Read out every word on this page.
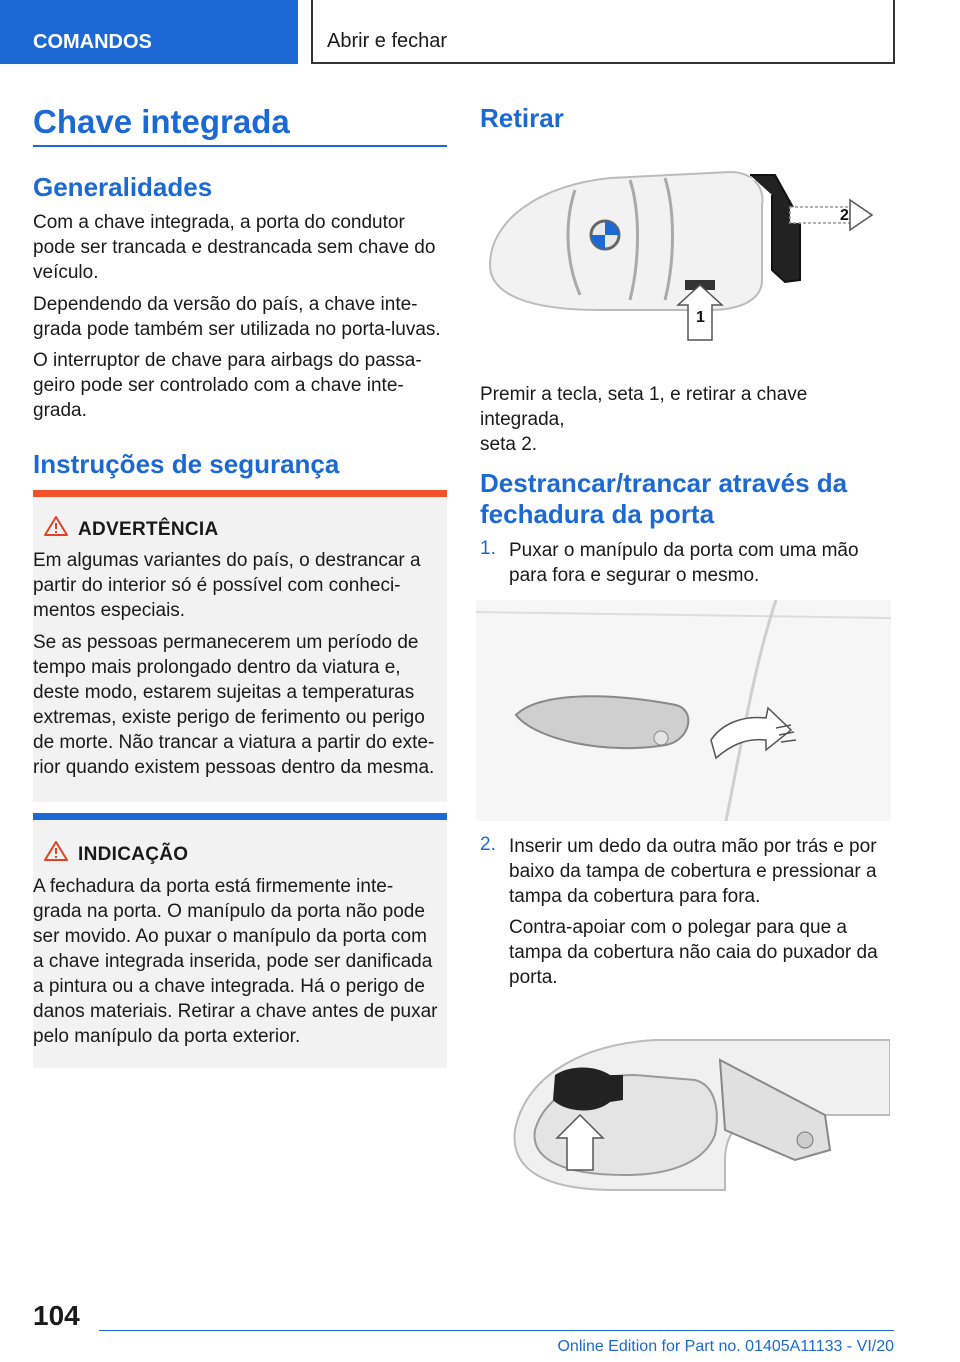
COMANDOS	Abrir e fechar
Chave integrada
Generalidades

Com a chave integrada, a porta do condutor
pode ser trancada e destrancada sem chave do
veículo.

Dependendo da versão do país, a chave inte-
grada pode também ser utilizada no porta-luvas.

O interruptor de chave para airbags do passa-
geiro pode ser controlado com a chave inte-
grada.

Instruções de segurança
ADVERTÊNCIA

Em algumas variantes do país, o destrancar a
partir do interior só é possível com conheci-
mentos especiais.

Se as pessoas permanecerem um período de
tempo mais prolongado dentro da viatura e,
deste modo, estarem sujeitas a temperaturas
extremas, existe perigo de ferimento ou perigo
de morte. Não trancar a viatura a partir do exte-
rior quando existem pessoas dentro da mesma.

INDICAÇÃO

A fechadura da porta está firmemente inte-
grada na porta. O manípulo da porta não pode
ser movido. Ao puxar o manípulo da porta com
a chave integrada inserida, pode ser danificada
a pintura ou a chave integrada. Há o perigo de
danos materiais. Retirar a chave antes de puxar
pelo manípulo da porta exterior.

Retirar
2
1

Premir a tecla, seta 1, e retirar a chave integrada,
seta 2.

Destrancar/trancar através da
fechadura da porta
1. Puxar o manípulo da porta com uma mão
para fora e segurar o mesmo.

2. Inserir um dedo da outra mão por trás e por
baixo da tampa de cobertura e pressionar a
tampa da cobertura para fora.

Contra-apoiar com o polegar para que a
tampa da cobertura não caia do puxador da
porta.

104
Online Edition for Part no. 01405A11133 - VI/20
